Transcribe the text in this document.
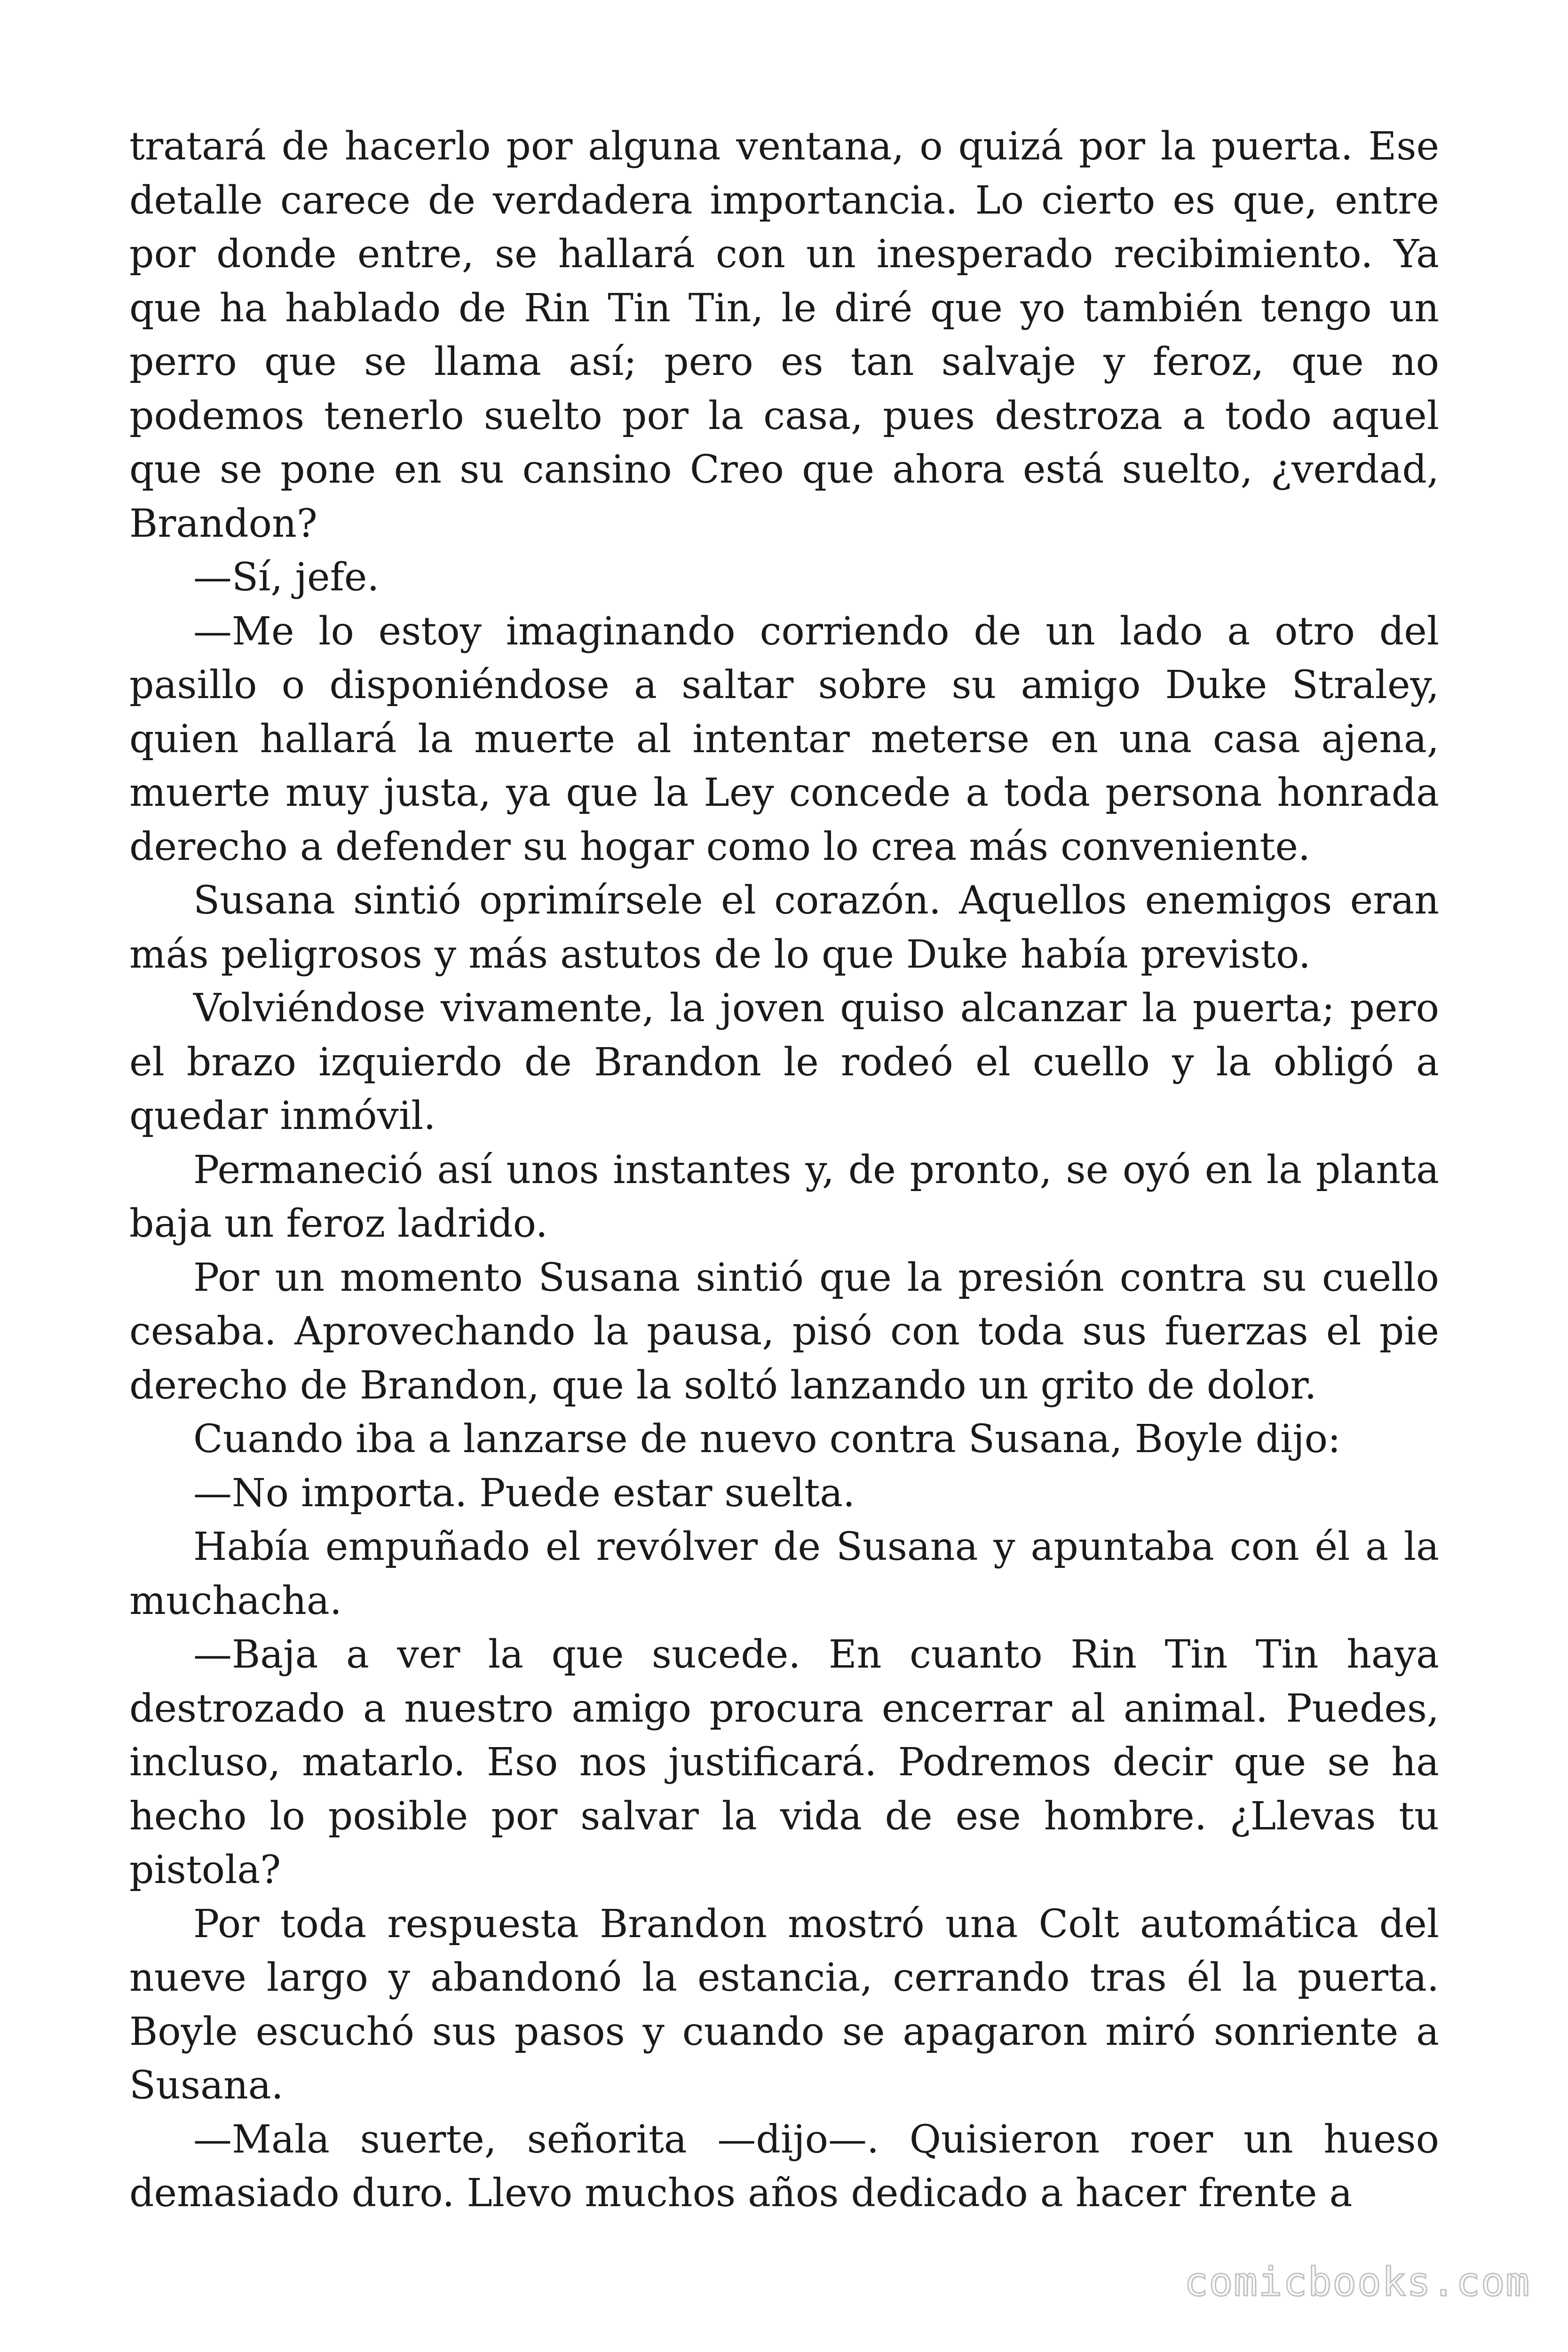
tratará de hacerlo por alguna ventana, o quizá por la puerta. Ese detalle carece de verdadera importancia. Lo cierto es que, entre por donde entre, se hallará con un inesperado recibimiento. Ya que ha hablado de Rin Tin Tin, le diré que yo también tengo un perro que se llama así; pero es tan salvaje y feroz, que no podemos tenerlo suelto por la casa, pues destroza a todo aquel que se pone en su cansino Creo que ahora está suelto, ¿verdad, Brandon?

—Sí, jefe.

—Me lo estoy imaginando corriendo de un lado a otro del pasillo o disponiéndose a saltar sobre su amigo Duke Straley, quien hallará la muerte al intentar meterse en una casa ajena, muerte muy justa, ya que la Ley concede a toda persona honrada derecho a defender su hogar como lo crea más conveniente.

Susana sintió oprimírsele el corazón. Aquellos enemigos eran más peligrosos y más astutos de lo que Duke había previsto.

Volviéndose vivamente, la joven quiso alcanzar la puerta; pero el brazo izquierdo de Brandon le rodeó el cuello y la obligó a quedar inmóvil.

Permaneció así unos instantes y, de pronto, se oyó en la planta baja un feroz ladrido.

Por un momento Susana sintió que la presión contra su cuello cesaba. Aprovechando la pausa, pisó con toda sus fuerzas el pie derecho de Brandon, que la soltó lanzando un grito de dolor.

Cuando iba a lanzarse de nuevo contra Susana, Boyle dijo:

—No importa. Puede estar suelta.

Había empuñado el revólver de Susana y apuntaba con él a la muchacha.

—Baja a ver la que sucede. En cuanto Rin Tin Tin haya destrozado a nuestro amigo procura encerrar al animal. Puedes, incluso, matarlo. Eso nos justificará. Podremos decir que se ha hecho lo posible por salvar la vida de ese hombre. ¿Llevas tu pistola?

Por toda respuesta Brandon mostró una Colt automática del nueve largo y abandonó la estancia, cerrando tras él la puerta. Boyle escuchó sus pasos y cuando se apagaron miró sonriente a Susana.

—Mala suerte, señorita —dijo—. Quisieron roer un hueso demasiado duro. Llevo muchos años dedicado a hacer frente a

comicbooks.com
